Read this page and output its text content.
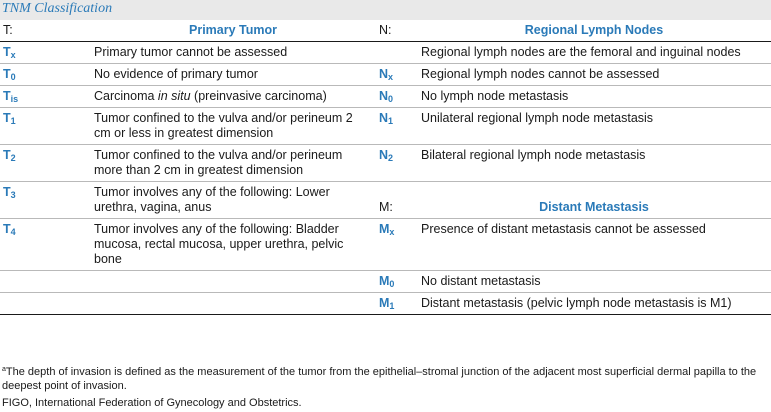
TNM Classification
T:	Primary Tumor	N:	Regional Lymph Nodes
$T_x$	Primary tumor cannot be assessed		Regional lymph nodes are the femoral and inguinal nodes
$T_0$	No evidence of primary tumor	$N_x$	Regional lymph nodes cannot be assessed
$T_{is}$	Carcinoma in situ (preinvasive carcinoma)	$N_0$	No lymph node metastasis
$T_1$	Tumor confined to the vulva and/or perineum 2 cm or less in greatest dimension	$N_1$	Unilateral regional lymph node metastasis
$T_2$	Tumor confined to the vulva and/or perineum more than 2 cm in greatest dimension	$N_2$	Bilateral regional lymph node metastasis
$T_3$	Tumor involves any of the following: Lower urethra, vagina, anus	M:	Distant Metastasis
$T_4$	Tumor involves any of the following: Bladder mucosa, rectal mucosa, upper urethra, pelvic bone	$M_x$	Presence of distant metastasis cannot be assessed
		$M_0$	No distant metastasis
		$M_1$	Distant metastasis (pelvic lymph node metastasis is M1)

$^a$The depth of invasion is defined as the measurement of the tumor from the epithelial–stromal junction of the adjacent most superficial dermal papilla to the deepest point of invasion.

FIGO, International Federation of Gynecology and Obstetrics.
